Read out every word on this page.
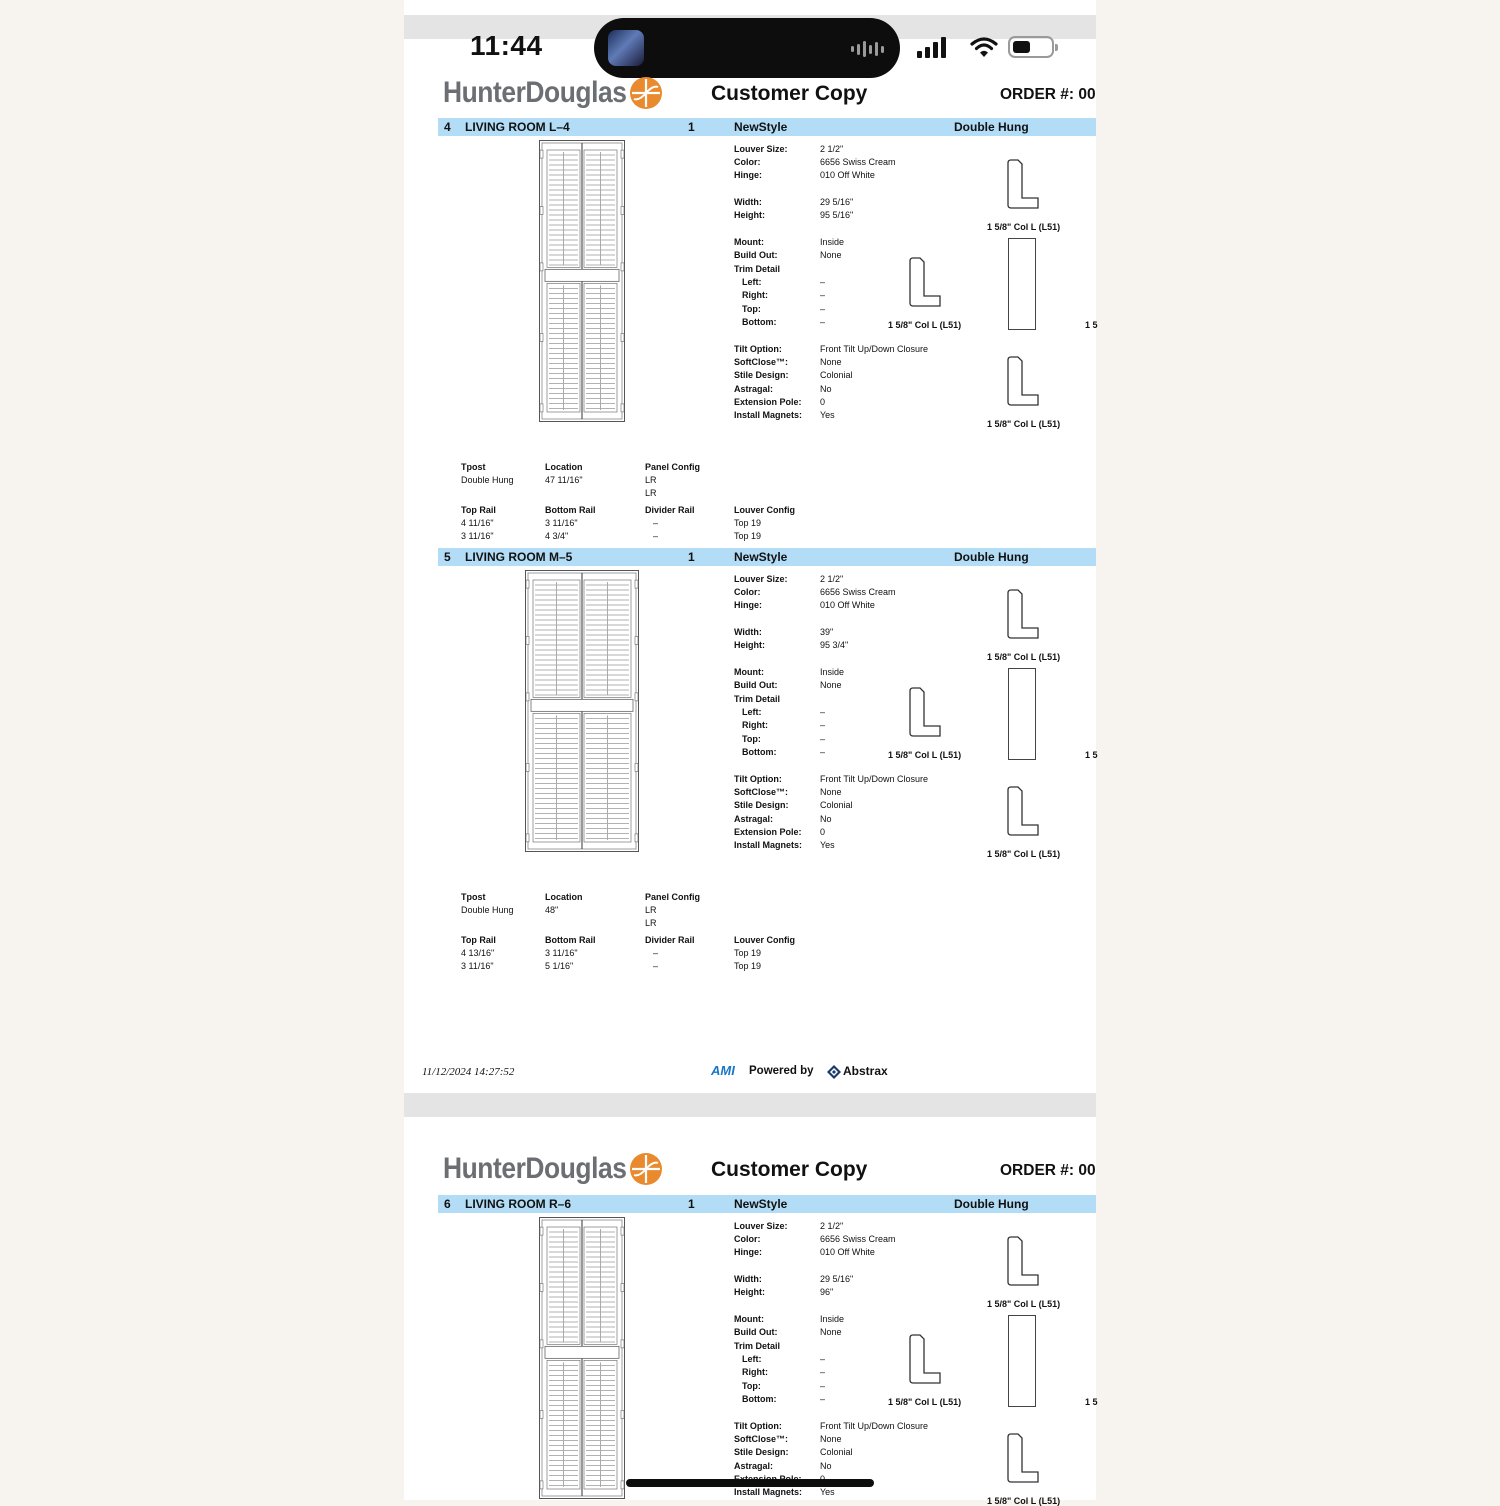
11:44
HunterDouglas	Customer Copy	ORDER #: 00
HunterDouglas	Customer Copy	ORDER #: 00
4 LIVING ROOM L–4	1	NewStyle	Double Hung
Louver Size:	2 1/2"
Color:	6656 Swiss Cream
Hinge:	010 Off White
Width:	29 5/16"
Height:	95 5/16"
Mount:	Inside
Build Out:	None
Trim Detail
Left:	–
Right:	–
Top:	–
Bottom:	–
Tilt Option:	Front Tilt Up/Down Closure
SoftClose™:	None
Stile Design:	Colonial
Astragal:	No
Extension Pole: 0
Install Magnets: Yes
1 5/8" Col L (L51)
1 5/8" Col L (L51)	1 5
1 5/8" Col L (L51)
Tpost	Location	Panel Config
Double Hung	47 11/16"	LR
LR
Top Rail	Bottom Rail	Divider Rail	Louver Config
4 11/16"	3 11/16"	–	Top 19
3 11/16"	4 3/4"	–	Top 19
5 LIVING ROOM M–5	1	NewStyle	Double Hung
Louver Size:	2 1/2"
Color:	6656 Swiss Cream
Hinge:	010 Off White
Width:	39"
Height:	95 3/4"
Mount:	Inside
Build Out:	None
Trim Detail
Left:	–
Right:	–
Top:	–
Bottom:	–
Tilt Option:	Front Tilt Up/Down Closure
SoftClose™:	None
Stile Design:	Colonial
Astragal:	No
Extension Pole: 0
Install Magnets: Yes
1 5/8" Col L (L51)
1 5/8" Col L (L51)	1 5
1 5/8" Col L (L51)
Tpost	Location	Panel Config
Double Hung	48"	LR
LR
Top Rail	Bottom Rail	Divider Rail	Louver Config
4 13/16"	3 11/16"	–	Top 19
3 11/16"	5 1/16"	–	Top 19
6 LIVING ROOM R–6	1	NewStyle	Double Hung
Louver Size:	2 1/2"
Color:	6656 Swiss Cream
Hinge:	010 Off White
Width:	29 5/16"
Height:	96"
Mount:	Inside
Build Out:	None
Trim Detail
Left:	–
Right:	–
Top:	–
Bottom:	–
Tilt Option:	Front Tilt Up/Down Closure
SoftClose™:	None
Stile Design:	Colonial
Astragal:	No
Install Magnets: Yes
1 5/8" Col L (L51)
1 5/8" Col L (L51)	1 5
1 5/8" Col L (L51)
11/12/2024 14:27:52	AMI Powered by Abstrax
